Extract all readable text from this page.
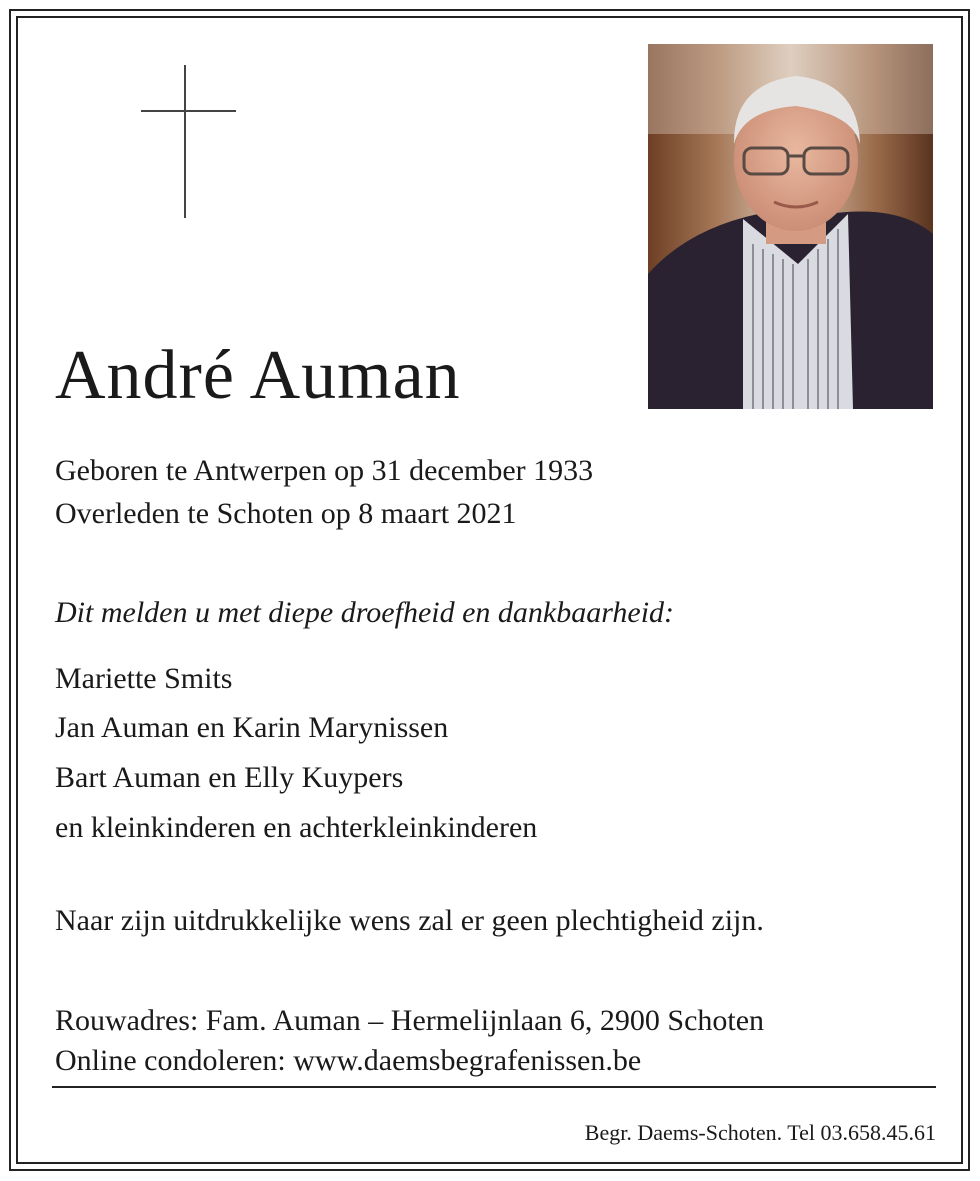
André Auman
Geboren te Antwerpen op 31 december 1933
Overleden te Schoten op 8 maart 2021
Dit melden u met diepe droefheid en dankbaarheid:
Mariette Smits
Jan Auman en Karin Marynissen
Bart Auman en Elly Kuypers
en kleinkinderen en achterkleinkinderen
Naar zijn uitdrukkelijke wens zal er geen plechtigheid zijn.
Rouwadres: Fam. Auman – Hermelijnlaan 6, 2900 Schoten
Online condoleren: www.daemsbegrafenissen.be
Begr. Daems-Schoten. Tel 03.658.45.61
